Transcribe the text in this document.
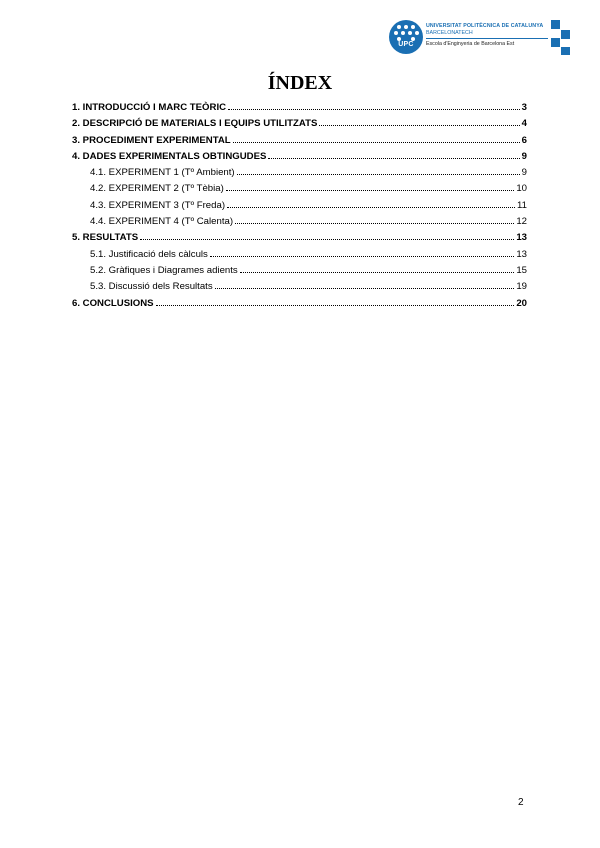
UPC
UNIVERSITAT POLITÈCNICA DE CATALUNYA
BARCELONATECH
Escola d'Enginyeria de Barcelona Est
ÍNDEX
1. INTRODUCCIÓ I MARC TEÒRIC	3
2. DESCRIPCIÓ DE MATERIALS I EQUIPS UTILITZATS	4
3. PROCEDIMENT EXPERIMENTAL	6
4. DADES EXPERIMENTALS OBTINGUDES	9
4.1. EXPERIMENT 1 (Tº Ambient)	9
4.2. EXPERIMENT 2 (Tº Tèbia)	10
4.3. EXPERIMENT 3 (Tº Freda)	11
4.4. EXPERIMENT 4 (Tº Calenta)	12
5. RESULTATS	13
5.1. Justificació dels càlculs	13
5.2. Gràfiques i Diagrames adients	15
5.3. Discussió dels Resultats	19
6. CONCLUSIONS	20
2
